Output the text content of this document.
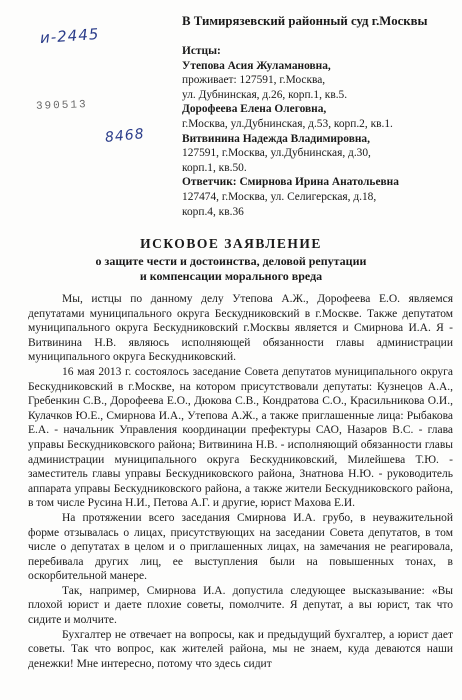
и-2445
390513
8468
В Тимирязевский районный суд г.Москвы
Истцы:
Утепова Асия Жуламановна,
проживает: 127591, г.Москва,
ул. Дубнинская, д.26, корп.1, кв.5.
Дорофеева Елена Олеговна,
г.Москва, ул.Дубнинская, д.53, корп.2, кв.1.
Витвинина Надежда Владимировна,
127591, г.Москва, ул.Дубнинская, д.30,
корп.1, кв.50.
Ответчик: Смирнова Ирина Анатольевна
127474, г.Москва, ул. Селигерская, д.18,
корп.4, кв.36
ИСКОВОЕ ЗАЯВЛЕНИЕ
о защите чести и достоинства, деловой репутации
и компенсации морального вреда

Мы, истцы по данному делу Утепова А.Ж., Дорофеева Е.О. являемся депутатами муниципального округа Бескудниковский в г.Москве. Также депутатом муниципального округа Бескудниковский г.Москвы является и Смирнова И.А. Я - Витвинина Н.В. являюсь исполняющей обязанности главы администрации муниципального округа Бескудниковский.

16 мая 2013 г. состоялось заседание Совета депутатов муниципального округа Бескудниковский в г.Москве, на котором присутствовали депутаты: Кузнецов А.А., Гребенкин С.В., Дорофеева Е.О., Дюкова С.В., Кондратова С.О., Красильникова О.И., Кулачков Ю.Е., Смирнова И.А., Утепова А.Ж., а также приглашенные лица: Рыбакова Е.А. - начальник Управления координации префектуры САО, Назаров В.С. - глава управы Бескудниковского района; Витвинина Н.В. - исполняющий обязанности главы администрации муниципального округа Бескудниковский, Милейшева Т.Ю. - заместитель главы управы Бескудниковского района, Знатнова Н.Ю. - руководитель аппарата управы Бескудниковского района, а также жители Бескудниковского района, в том числе Русина Н.И., Петова А.Г. и другие, юрист Махова Е.И.

На протяжении всего заседания Смирнова И.А. грубо, в неуважительной форме отзывалась о лицах, присутствующих на заседании Совета депутатов, в том числе о депутатах в целом и о приглашенных лицах, на замечания не реагировала, перебивала других лиц, ее выступления были на повышенных тонах, в оскорбительной манере.

Так, например, Смирнова И.А. допустила следующее высказывание: «Вы плохой юрист и даете плохие советы, помолчите. Я депутат, а вы юрист, так что сидите и молчите.

Бухгалтер не отвечает на вопросы, как и предыдущий бухгалтер, а юрист дает советы. Так что вопрос, как жителей района, мы не знаем, куда деваются наши денежки! Мне интересно, потому что здесь сидит
